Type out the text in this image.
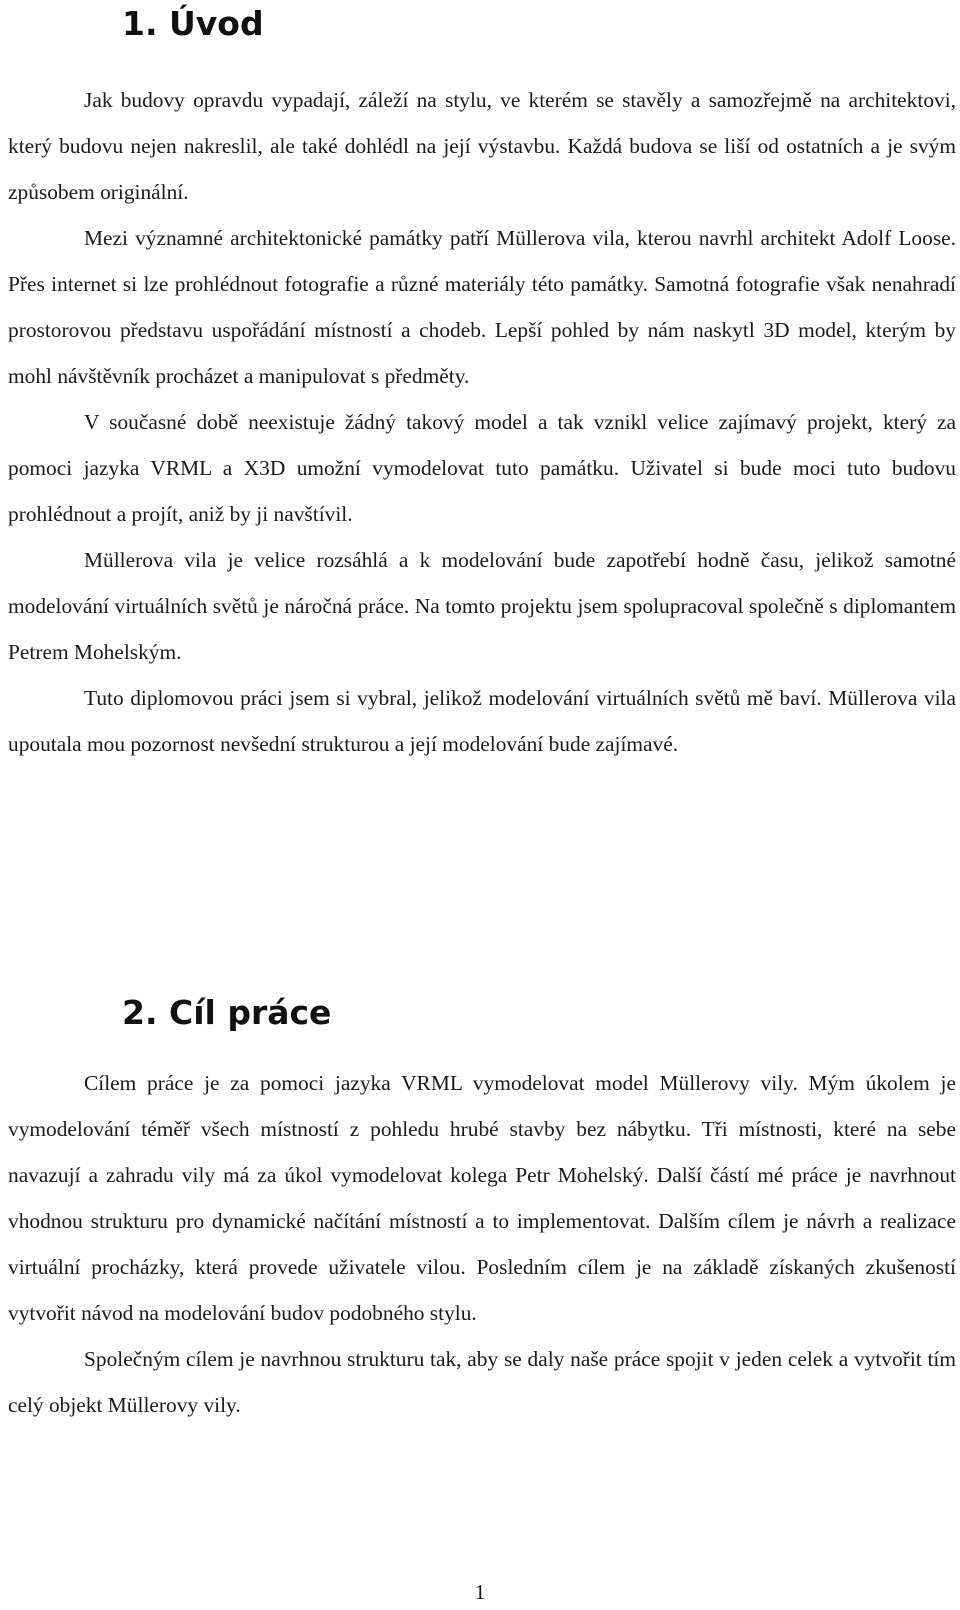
1. Úvod

Jak budovy opravdu vypadají, záleží na stylu, ve kterém se stavěly a samozřejmě na architektovi, který budovu nejen nakreslil, ale také dohlédl na její výstavbu. Každá budova se liší od ostatních a je svým způsobem originální.

Mezi významné architektonické památky patří Müllerova vila, kterou navrhl architekt Adolf Loose. Přes internet si lze prohlédnout fotografie a různé materiály této památky. Samotná fotografie však nenahradí prostorovou představu uspořádání místností a chodeb. Lepší pohled by nám naskytl 3D model, kterým by mohl návštěvník procházet a manipulovat s předměty.

V současné době neexistuje žádný takový model a tak vznikl velice zajímavý projekt, který za pomoci jazyka VRML a X3D umožní vymodelovat tuto památku. Uživatel si bude moci tuto budovu prohlédnout a projít, aniž by ji navštívil.

Müllerova vila je velice rozsáhlá a k modelování bude zapotřebí hodně času, jelikož samotné modelování virtuálních světů je náročná práce. Na tomto projektu jsem spolupracoval společně s diplomantem Petrem Mohelským.

Tuto diplomovou práci jsem si vybral, jelikož modelování virtuálních světů mě baví. Müllerova vila upoutala mou pozornost nevšední strukturou a její modelování bude zajímavé.

2. Cíl práce

Cílem práce je za pomoci jazyka VRML vymodelovat model Müllerovy vily. Mým úkolem je vymodelování téměř všech místností z pohledu hrubé stavby bez nábytku. Tři místnosti, které na sebe navazují a zahradu vily má za úkol vymodelovat kolega Petr Mohelský. Další částí mé práce je navrhnout vhodnou strukturu pro dynamické načítání místností a to implementovat. Dalším cílem je návrh a realizace virtuální procházky, která provede uživatele vilou. Posledním cílem je na základě získaných zkušeností vytvořit návod na modelování budov podobného stylu.

Společným cílem je navrhnou strukturu tak, aby se daly naše práce spojit v jeden celek a vytvořit tím celý objekt Müllerovy vily.

1
